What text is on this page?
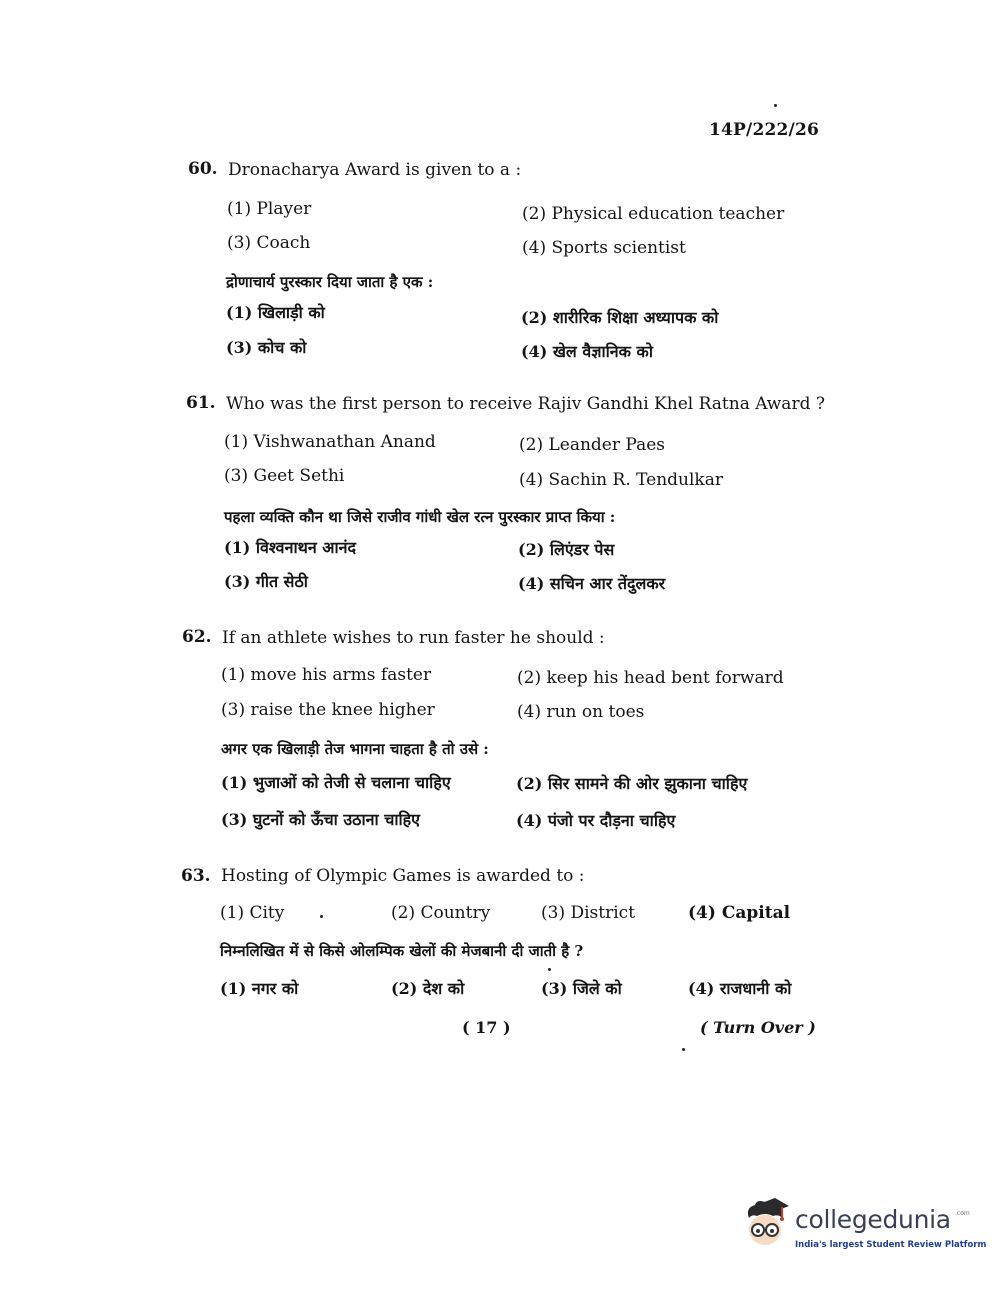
14P/222/26
60. Dronacharya Award is given to a :
(1) Player	(2) Physical education teacher
(3) Coach	(4) Sports scientist
द्रोणाचार्य पुरस्कार दिया जाता है एक :
(1) खिलाड़ी को	(2) शारीरिक शिक्षा अध्यापक को
(3) कोच को	(4) खेल वैज्ञानिक को
61. Who was the first person to receive Rajiv Gandhi Khel Ratna Award ?
(1) Vishwanathan Anand	(2) Leander Paes
(3) Geet Sethi	(4) Sachin R. Tendulkar
पहला व्यक्ति कौन था जिसे राजीव गांधी खेल रत्न पुरस्कार प्राप्त किया :
(1) विश्वनाथन आनंद	(2) लिएंडर पेस
(3) गीत सेठी	(4) सचिन आर तेंदुलकर
62. If an athlete wishes to run faster he should :
(1) move his arms faster	(2) keep his head bent forward
(3) raise the knee higher	(4) run on toes
अगर एक खिलाड़ी तेज भागना चाहता है तो उसे :
(1) भुजाओं को तेजी से चलाना चाहिए	(2) सिर सामने की ओर झुकाना चाहिए
(3) घुटनों को ऊँचा उठाना चाहिए	(4) पंजो पर दौड़ना चाहिए
63. Hosting of Olympic Games is awarded to :
(1) City	(2) Country	(3) District	(4) Capital
निम्नलिखित में से किसे ओलम्पिक खेलों की मेजबानी दी जाती है ?
(1) नगर को	(2) देश को	(3) जिले को	(4) राजधानी को
( 17 )	( Turn Over )
collegedunia .com
India's largest Student Review Platform
